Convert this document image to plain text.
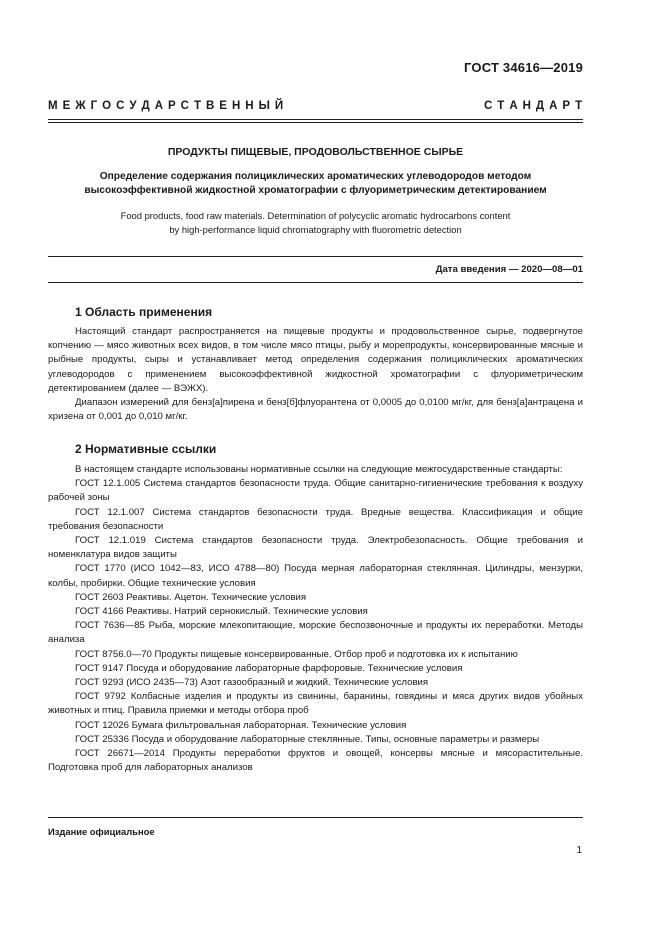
ГОСТ 34616—2019
М Е Ж Г О С У Д А Р С Т В Е Н Н Ы Й	С Т А Н Д А Р Т
ПРОДУКТЫ ПИЩЕВЫЕ, ПРОДОВОЛЬСТВЕННОЕ СЫРЬЕ
Определение содержания полициклических ароматических углеводородов методом
высокоэффективной жидкостной хроматографии с флуориметрическим детектированием
Food products, food raw materials. Determination of polycyclic aromatic hydrocarbons content
by high-performance liquid chromatography with fluorometric detection
Дата введения — 2020—08—01
1 Область применения

Настоящий стандарт распространяется на пищевые продукты и продовольственное сырье, подвергнутое копчению — мясо животных всех видов, в том числе мясо птицы, рыбу и морепродукты, консервированные мясные и рыбные продукты, сыры и устанавливает метод определения содержания полициклических ароматических углеводородов с применением высокоэффективной жидкостной хроматографии с флуориметрическим детектированием (далее — ВЭЖХ).

Диапазон измерений для бенз[а]пирена и бенз[б]флуорантена от 0,0005 до 0,0100 мг/кг, для бенз[а]антрацена и хризена от 0,001 до 0,010 мг/кг.

2 Нормативные ссылки

В настоящем стандарте использованы нормативные ссылки на следующие межгосударственные стандарты:

ГОСТ 12.1.005 Система стандартов безопасности труда. Общие санитарно-гигиенические требования к воздуху рабочей зоны

ГОСТ 12.1.007 Система стандартов безопасности труда. Вредные вещества. Классификация и общие требования безопасности

ГОСТ 12.1.019 Система стандартов безопасности труда. Электробезопасность. Общие требования и номенклатура видов защиты

ГОСТ 1770 (ИСО 1042—83, ИСО 4788—80) Посуда мерная лабораторная стеклянная. Цилиндры, мензурки, колбы, пробирки. Общие технические условия

ГОСТ 2603 Реактивы. Ацетон. Технические условия

ГОСТ 4166 Реактивы. Натрий сернокислый. Технические условия

ГОСТ 7636—85 Рыба, морские млекопитающие, морские беспозвоночные и продукты их переработки. Методы анализа

ГОСТ 8756.0—70 Продукты пищевые консервированные. Отбор проб и подготовка их к испытанию

ГОСТ 9147 Посуда и оборудование лабораторные фарфоровые. Технические условия

ГОСТ 9293 (ИСО 2435—73) Азот газообразный и жидкий. Технические условия

ГОСТ 9792 Колбасные изделия и продукты из свинины, баранины, говядины и мяса других видов убойных животных и птиц. Правила приемки и методы отбора проб

ГОСТ 12026 Бумага фильтровальная лабораторная. Технические условия

ГОСТ 25336 Посуда и оборудование лабораторные стеклянные. Типы, основные параметры и размеры

ГОСТ 26671—2014 Продукты переработки фруктов и овощей, консервы мясные и мясорастительные. Подготовка проб для лабораторных анализов

Издание официальное
1
